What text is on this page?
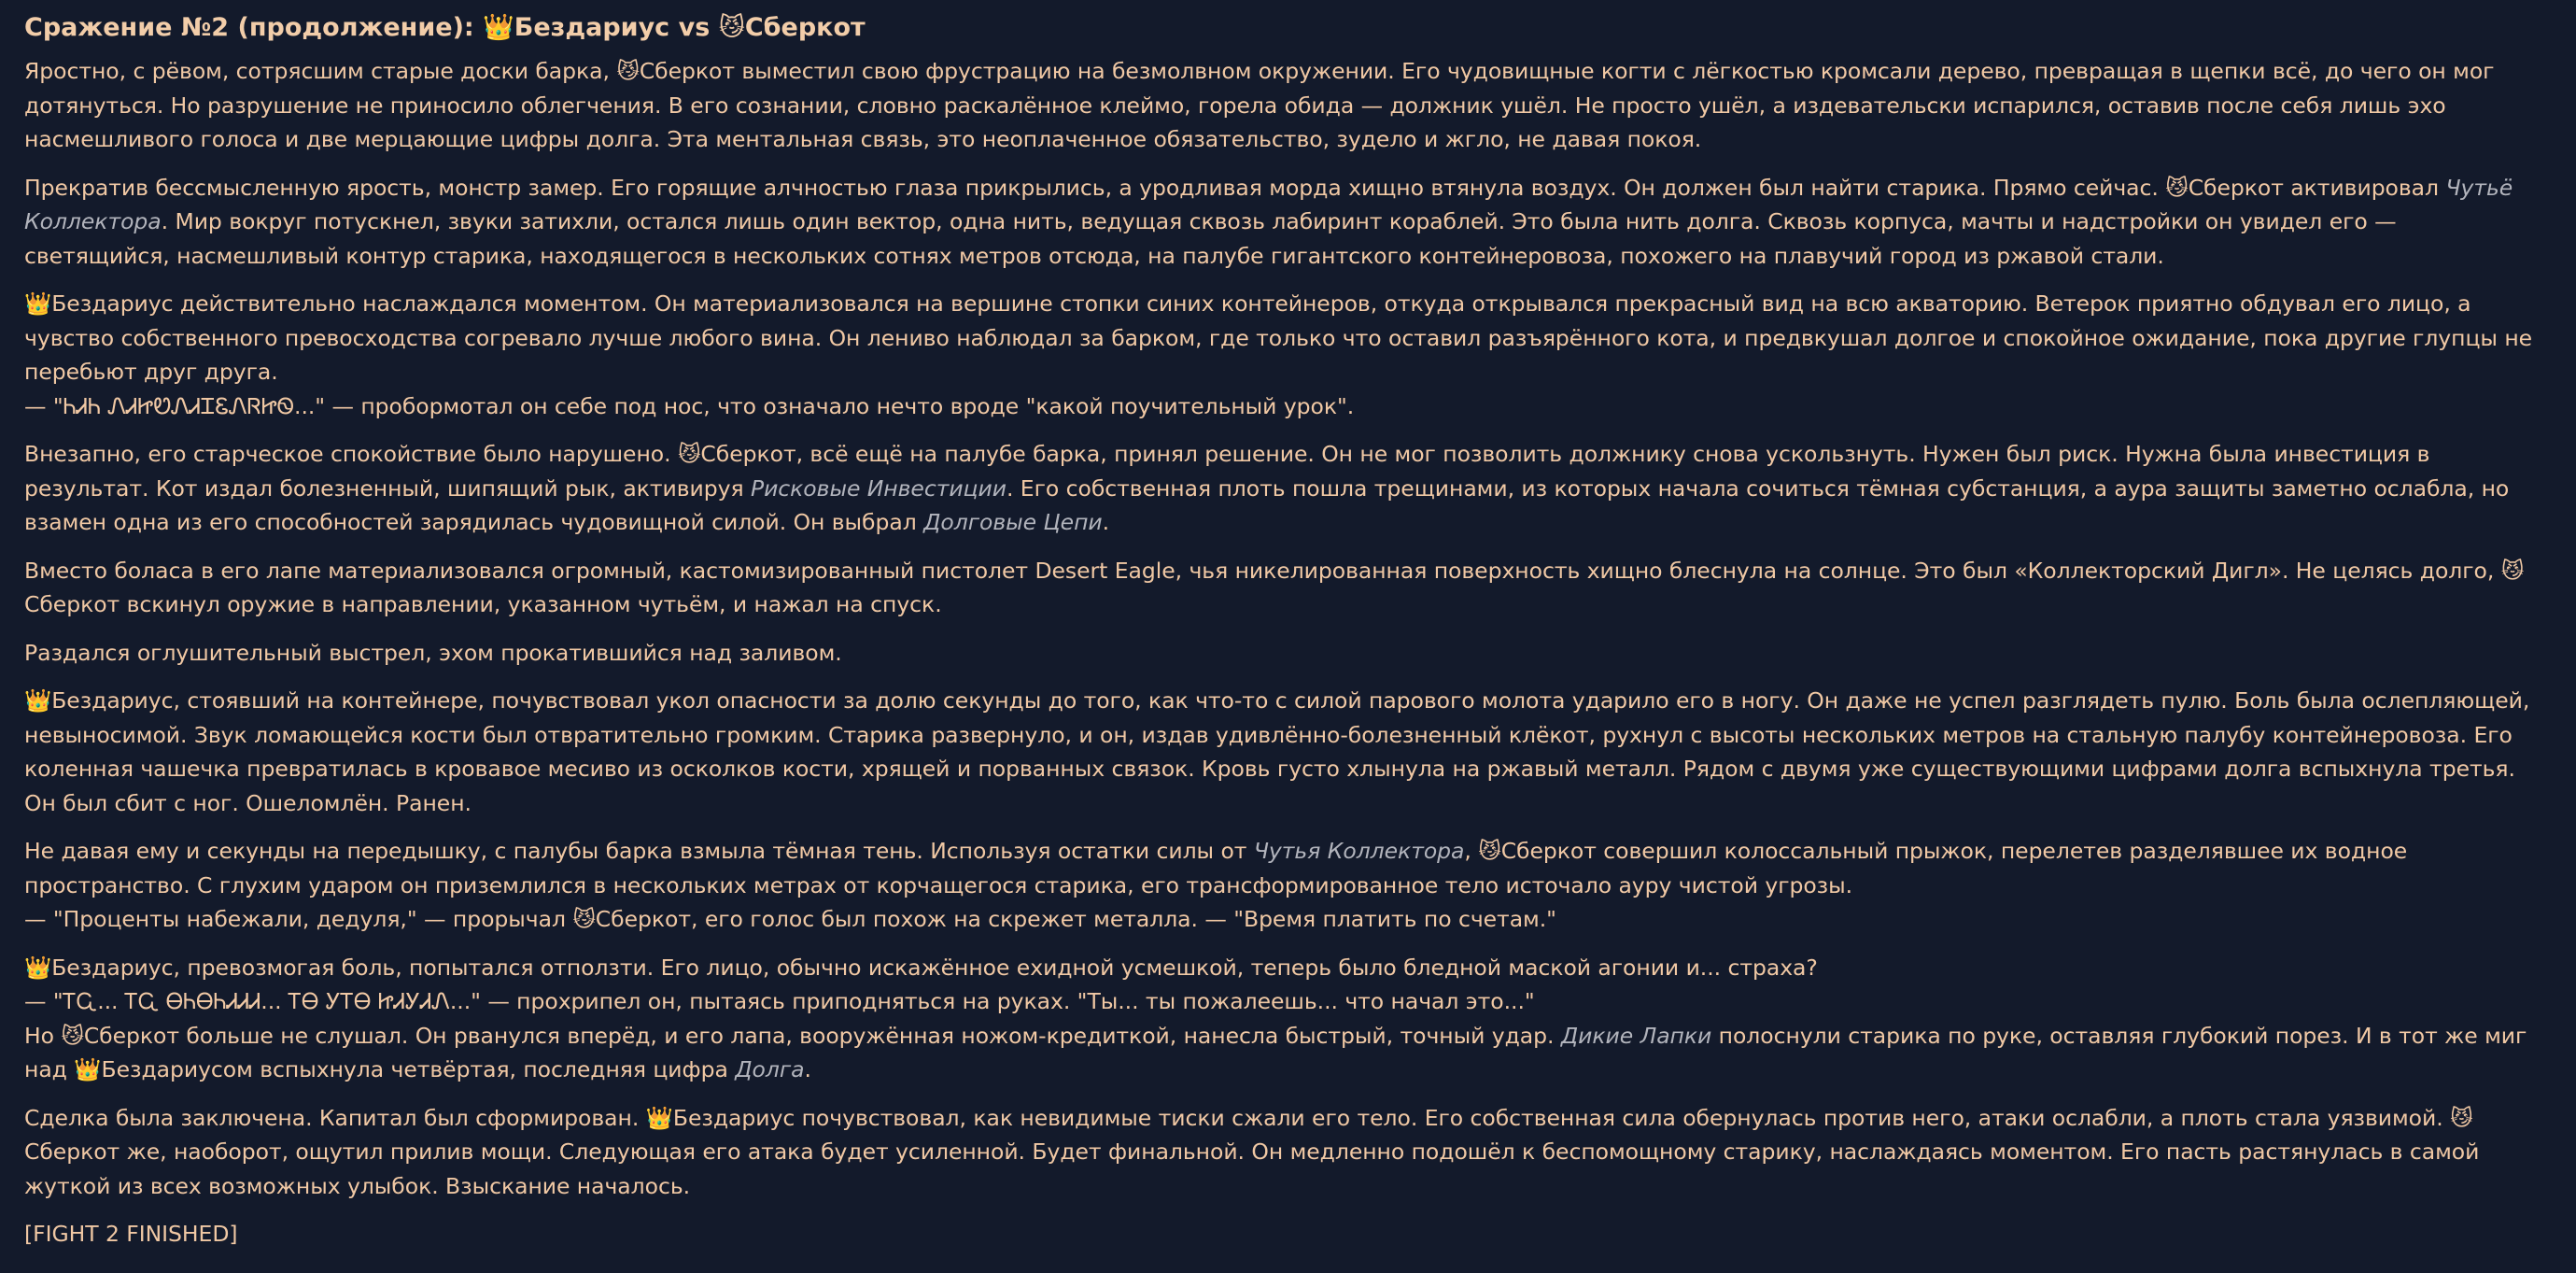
Сражение №2 (продолжение): 👑Бездариус vs 😼Сберкот

Яростно, с рёвом, сотрясшим старые доски барка, 😼Сберкот выместил свою фрустрацию на безмолвном окружении. Его чудовищные когти с лёгкостью кромсали дерево, превращая в щепки всё, до чего он мог дотянуться. Но разрушение не приносило облегчения. В его сознании, словно раскалённое клеймо, горела обида — должник ушёл. Не просто ушёл, а издевательски испарился, оставив после себя лишь эхо насмешливого голоса и две мерцающие цифры долга. Эта ментальная связь, это неоплаченное обязательство, зудело и жгло, не давая покоя.

Прекратив бессмысленную ярость, монстр замер. Его горящие алчностью глаза прикрылись, а уродливая морда хищно втянула воздух. Он должен был найти старика. Прямо сейчас. 😼Сберкот активировал Чутьё Коллектора. Мир вокруг потускнел, звуки затихли, остался лишь один вектор, одна нить, ведущая сквозь лабиринт кораблей. Это была нить долга. Сквозь корпуса, мачты и надстройки он увидел его — светящийся, насмешливый контур старика, находящегося в нескольких сотнях метров отсюда, на палубе гигантского контейнеровоза, похожего на плавучий город из ржавой стали.

👑Бездариус действительно наслаждался моментом. Он материализовался на вершине стопки синих контейнеров, откуда открывался прекрасный вид на всю акваторию. Ветерок приятно обдувал его лицо, а чувство собственного превосходства согревало лучше любого вина. Он лениво наблюдал за барком, где только что оставил разъярённого кота, и предвкушал долгое и спокойное ожидание, пока другие глупцы не перебьют друг друга.
— "ᏂᏗᏂ ᏁᏗᏥᏬᏁᏗᏆᏋᏁᏒᏥᏫ..." — пробормотал он себе под нос, что означало нечто вроде "какой поучительный урок".

Внезапно, его старческое спокойствие было нарушено. 😼Сберкот, всё ещё на палубе барка, принял решение. Он не мог позволить должнику снова ускользнуть. Нужен был риск. Нужна была инвестиция в результат. Кот издал болезненный, шипящий рык, активируя Рисковые Инвестиции. Его собственная плоть пошла трещинами, из которых начала сочиться тёмная субстанция, а аура защиты заметно ослабла, но взамен одна из его способностей зарядилась чудовищной силой. Он выбрал Долговые Цепи.

Вместо боласа в его лапе материализовался огромный, кастомизированный пистолет Desert Eagle, чья никелированная поверхность хищно блеснула на солнце. Это был «Коллекторский Дигл». Не целясь долго, 😼Сберкот вскинул оружие в направлении, указанном чутьём, и нажал на спуск.

Раздался оглушительный выстрел, эхом прокатившийся над заливом.

👑Бездариус, стоявший на контейнере, почувствовал укол опасности за долю секунды до того, как что-то с силой парового молота ударило его в ногу. Он даже не успел разглядеть пулю. Боль была ослепляющей, невыносимой. Звук ломающейся кости был отвратительно громким. Старика развернуло, и он, издав удивлённо-болезненный клёкот, рухнул с высоты нескольких метров на стальную палубу контейнеровоза. Его коленная чашечка превратилась в кровавое месиво из осколков кости, хрящей и порванных связок. Кровь густо хлынула на ржавый металл. Рядом с двумя уже существующими цифрами долга вспыхнула третья. Он был сбит с ног. Ошеломлён. Ранен.

Не давая ему и секунды на передышку, с палубы барка взмыла тёмная тень. Используя остатки силы от Чутья Коллектора, 😼Сберкот совершил колоссальный прыжок, перелетев разделявшее их водное пространство. С глухим ударом он приземлился в нескольких метрах от корчащегося старика, его трансформированное тело источало ауру чистой угрозы.
— "Проценты набежали, дедуля," — прорычал 😼Сберкот, его голос был похож на скрежет металла. — "Время платить по счетам."

👑Бездариус, превозмогая боль, попытался отползти. Его лицо, обычно искажённое ехидной усмешкой, теперь было бледной маской агонии и... страха?
— "ᎢᏩ... ᎢᏩ ᎾᏂᎾᏂᏗᏗᏗ... ᎢᎾ ᎩᎢᎾ ᏥᏗᎩᏗᏁ..." — прохрипел он, пытаясь приподняться на руках. "Ты... ты пожалеешь... что начал это..."
Но 😼Сберкот больше не слушал. Он рванулся вперёд, и его лапа, вооружённая ножом-кредиткой, нанесла быстрый, точный удар. Дикие Лапки полоснули старика по руке, оставляя глубокий порез. И в тот же миг над 👑Бездариусом вспыхнула четвёртая, последняя цифра Долга.

Сделка была заключена. Капитал был сформирован. 👑Бездариус почувствовал, как невидимые тиски сжали его тело. Его собственная сила обернулась против него, атаки ослабли, а плоть стала уязвимой. 😼Сберкот же, наоборот, ощутил прилив мощи. Следующая его атака будет усиленной. Будет финальной. Он медленно подошёл к беспомощному старику, наслаждаясь моментом. Его пасть растянулась в самой жуткой из всех возможных улыбок. Взыскание началось.

[FIGHT 2 FINISHED]
